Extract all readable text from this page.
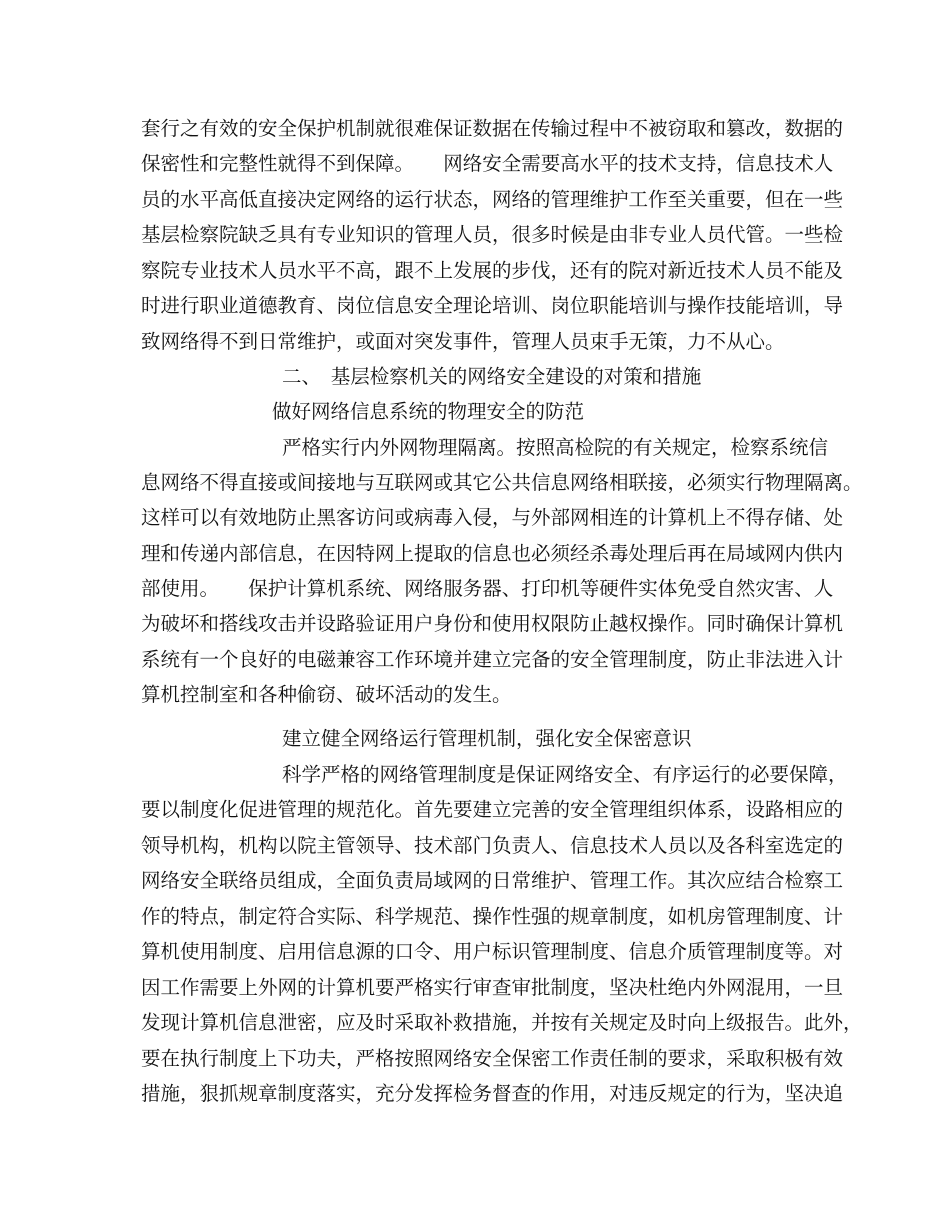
套行之有效的安全保护机制就很难保证数据在传输过程中不被窃取和篡改，数据的
保密性和完整性就得不到保障。　　网络安全需要高水平的技术支持，信息技术人
员的水平高低直接决定网络的运行状态，网络的管理维护工作至关重要，但在一些
基层检察院缺乏具有专业知识的管理人员，很多时候是由非专业人员代管。一些检
察院专业技术人员水平不高，跟不上发展的步伐，还有的院对新近技术人员不能及
时进行职业道德教育、岗位信息安全理论培训、岗位职能培训与操作技能培训，导
致网络得不到日常维护，或面对突发事件，管理人员束手无策，力不从心。
二、　基层检察机关的网络安全建设的对策和措施
做好网络信息系统的物理安全的防范
严格实行内外网物理隔离。按照高检院的有关规定，检察系统信
息网络不得直接或间接地与互联网或其它公共信息网络相联接，必须实行物理隔离。
这样可以有效地防止黑客访问或病毒入侵，与外部网相连的计算机上不得存储、处
理和传递内部信息，在因特网上提取的信息也必须经杀毒处理后再在局域网内供内
部使用。　　保护计算机系统、网络服务器、打印机等硬件实体免受自然灾害、人
为破坏和搭线攻击并设路验证用户身份和使用权限防止越权操作。同时确保计算机
系统有一个良好的电磁兼容工作环境并建立完备的安全管理制度，防止非法进入计
算机控制室和各种偷窃、破坏活动的发生。
建立健全网络运行管理机制，强化安全保密意识
科学严格的网络管理制度是保证网络安全、有序运行的必要保障，
要以制度化促进管理的规范化。首先要建立完善的安全管理组织体系，设路相应的
领导机构，机构以院主管领导、技术部门负责人、信息技术人员以及各科室选定的
网络安全联络员组成，全面负责局域网的日常维护、管理工作。其次应结合检察工
作的特点，制定符合实际、科学规范、操作性强的规章制度，如机房管理制度、计
算机使用制度、启用信息源的口令、用户标识管理制度、信息介质管理制度等。对
因工作需要上外网的计算机要严格实行审查审批制度，坚决杜绝内外网混用，一旦
发现计算机信息泄密，应及时采取补救措施，并按有关规定及时向上级报告。此外，
要在执行制度上下功夫，严格按照网络安全保密工作责任制的要求，采取积极有效
措施，狠抓规章制度落实，充分发挥检务督查的作用，对违反规定的行为，坚决追
